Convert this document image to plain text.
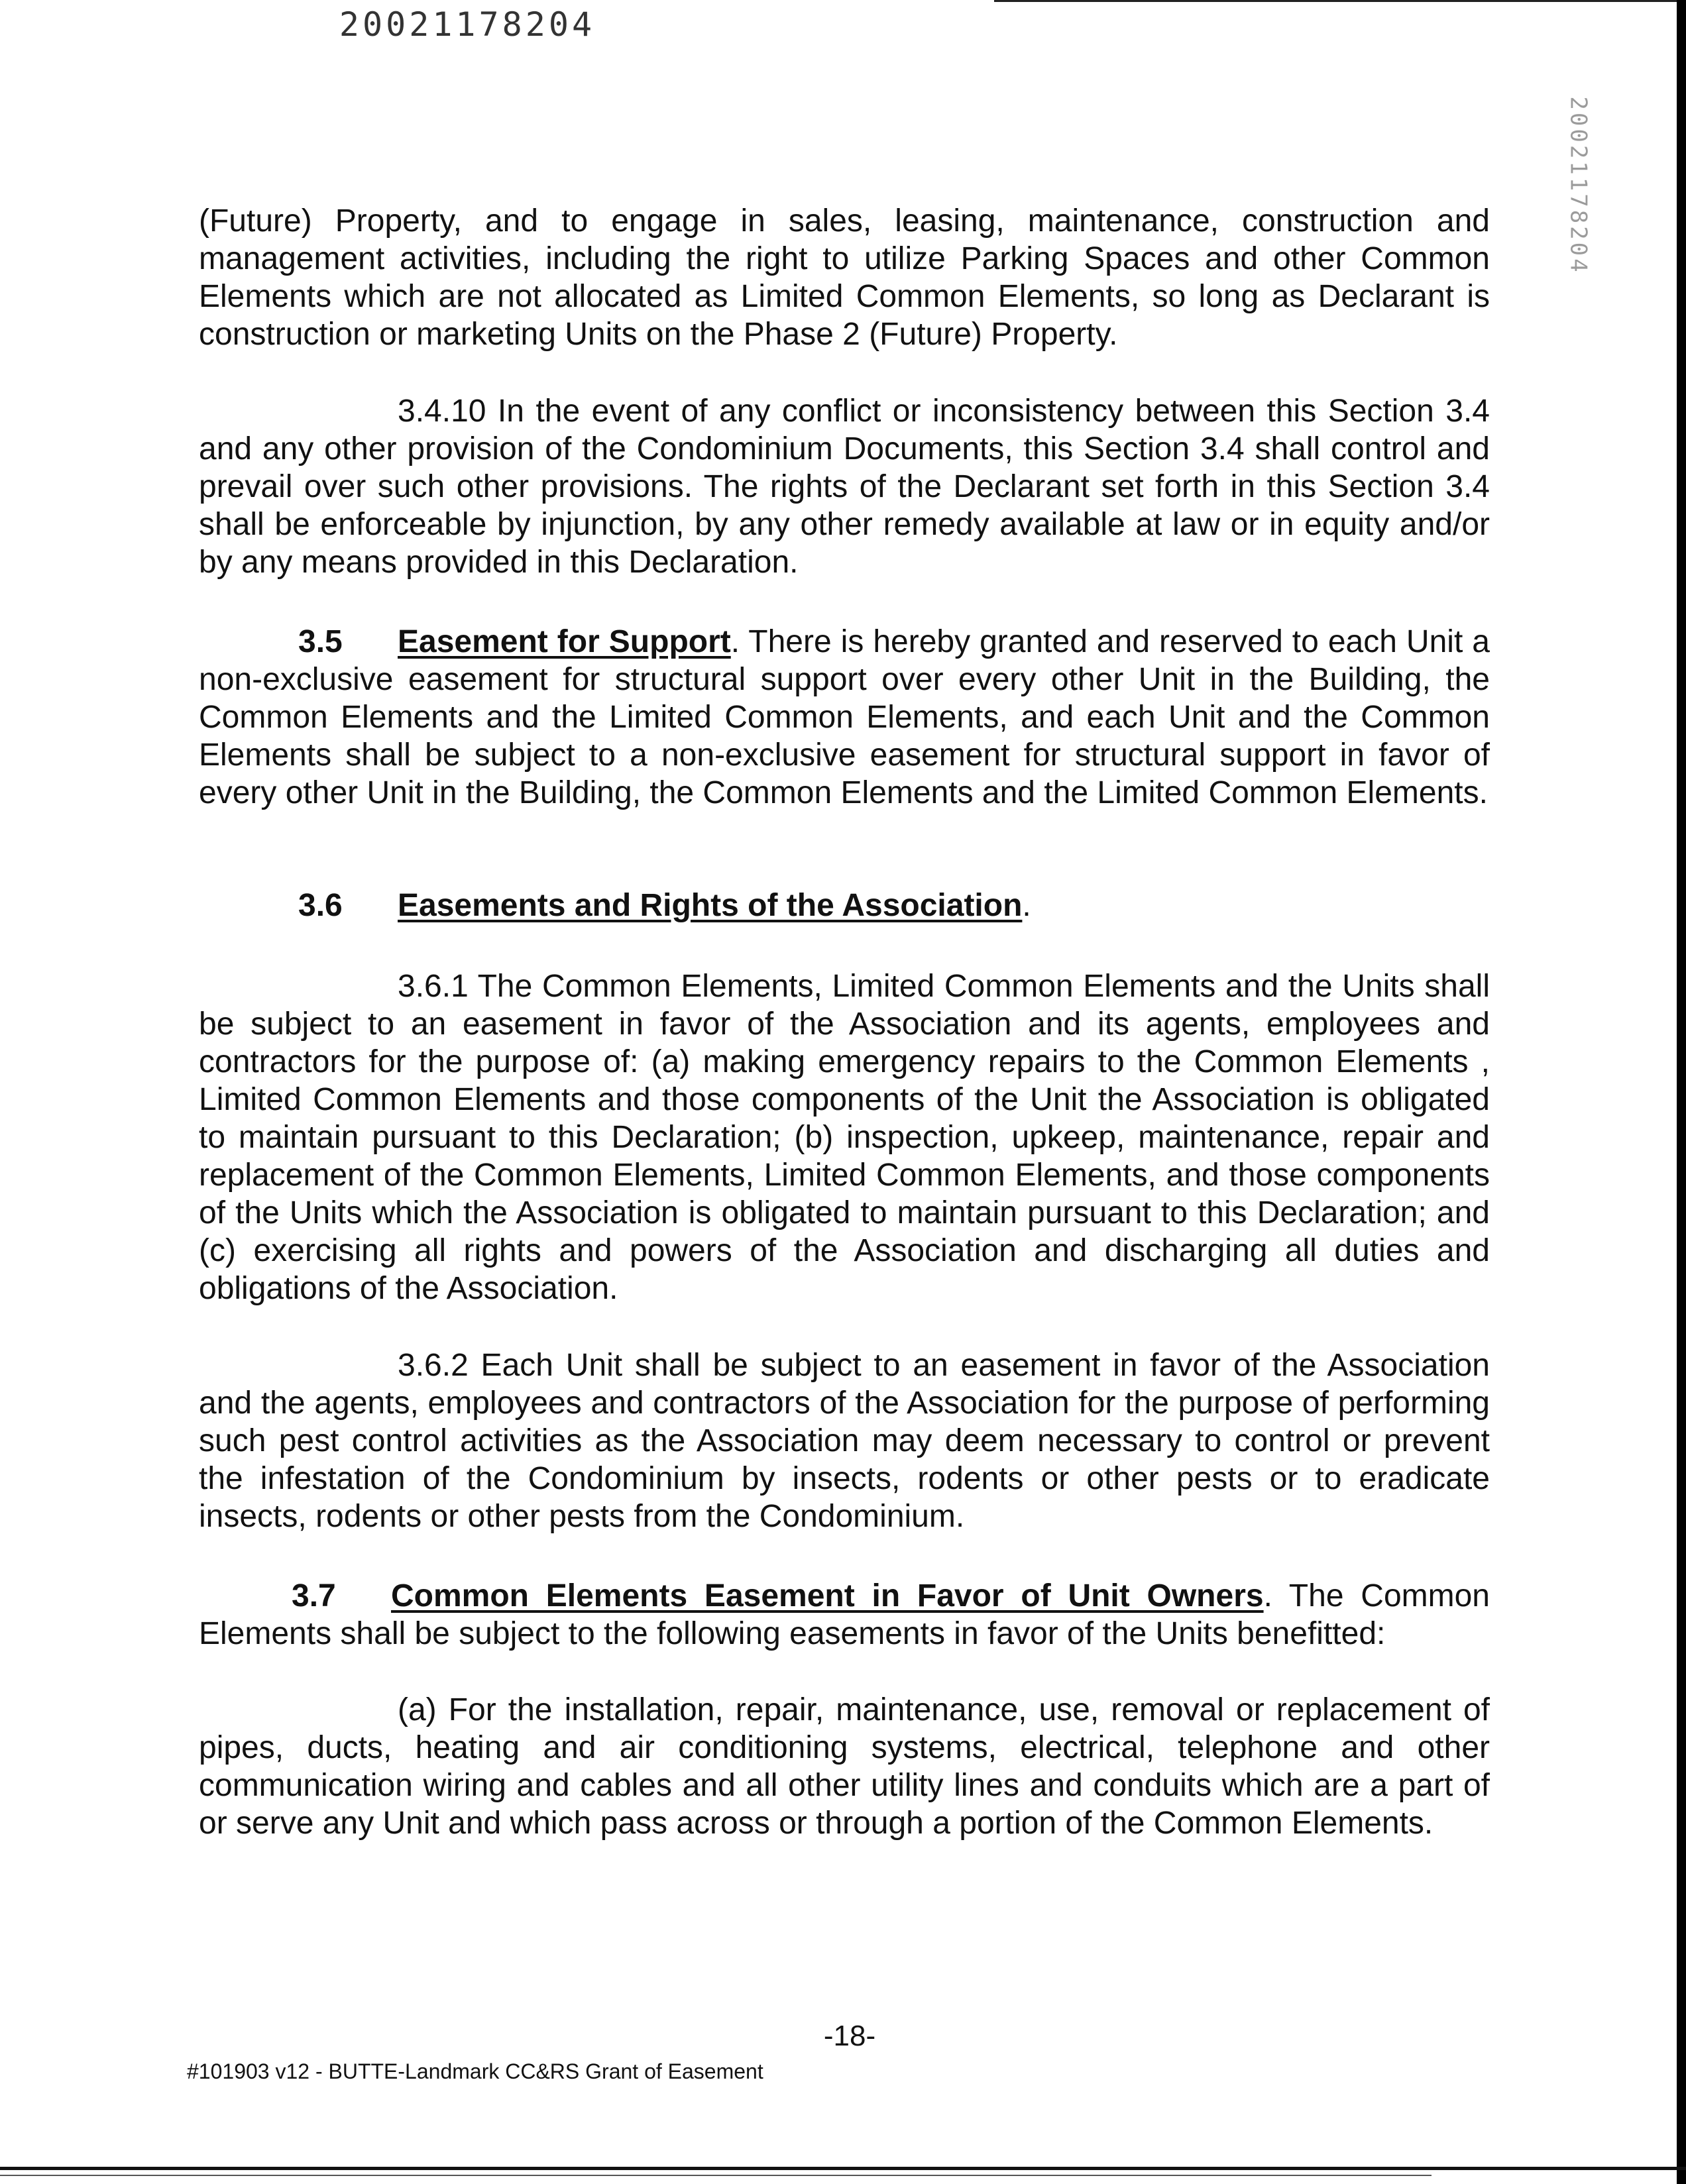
20021178204
20021178204

(Future) Property, and to engage in sales, leasing, maintenance, construction and management activities, including the right to utilize Parking Spaces and other Common Elements which are not allocated as Limited Common Elements, so long as Declarant is construction or marketing Units on the Phase 2 (Future) Property.

3.4.10 In the event of any conflict or inconsistency between this Section 3.4 and any other provision of the Condominium Documents, this Section 3.4 shall control and prevail over such other provisions. The rights of the Declarant set forth in this Section 3.4 shall be enforceable by injunction, by any other remedy available at law or in equity and/or by any means provided in this Declaration.

3.5 Easement for Support. There is hereby granted and reserved to each Unit a non-exclusive easement for structural support over every other Unit in the Building, the Common Elements and the Limited Common Elements, and each Unit and the Common Elements shall be subject to a non-exclusive easement for structural support in favor of every other Unit in the Building, the Common Elements and the Limited Common Elements.

3.6 Easements and Rights of the Association.

3.6.1 The Common Elements, Limited Common Elements and the Units shall be subject to an easement in favor of the Association and its agents, employees and contractors for the purpose of: (a) making emergency repairs to the Common Elements , Limited Common Elements and those components of the Unit the Association is obligated to maintain pursuant to this Declaration; (b) inspection, upkeep, maintenance, repair and replacement of the Common Elements, Limited Common Elements, and those components of the Units which the Association is obligated to maintain pursuant to this Declaration; and (c) exercising all rights and powers of the Association and discharging all duties and obligations of the Association.

3.6.2 Each Unit shall be subject to an easement in favor of the Association and the agents, employees and contractors of the Association for the purpose of performing such pest control activities as the Association may deem necessary to control or prevent the infestation of the Condominium by insects, rodents or other pests or to eradicate insects, rodents or other pests from the Condominium.

3.7 Common Elements Easement in Favor of Unit Owners. The Common Elements shall be subject to the following easements in favor of the Units benefitted:

(a) For the installation, repair, maintenance, use, removal or replacement of pipes, ducts, heating and air conditioning systems, electrical, telephone and other communication wiring and cables and all other utility lines and conduits which are a part of or serve any Unit and which pass across or through a portion of the Common Elements.

-18-
#101903 v12 - BUTTE-Landmark CC&RS Grant of Easement
